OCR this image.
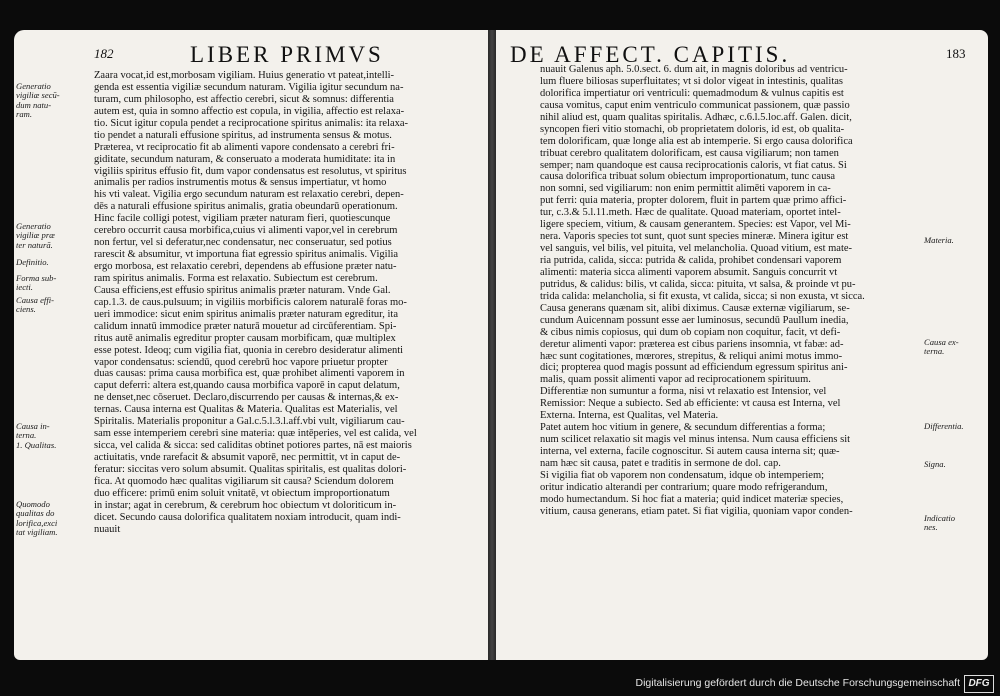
182	LIBER PRIMVS
Zaara vocat,id est,morbosam vigiliam. Huius generatio vt pateat,intelli-
genda est essentia vigiliæ secundum naturam. Vigilia igitur secundum na-
turam, cum philosopho, est affectio cerebri, sicut & somnus: differentia
autem est, quia in somno affectio est copula, in vigilia, affectio est relaxa-
tio. Sicut igitur copula pendet a reciprocatione spiritus animalis: ita relaxa-
tio pendet a naturali effusione spiritus, ad instrumenta sensus & motus.
Præterea, vt reciprocatio fit ab alimenti vapore condensato a cerebri fri-
giditate, secundum naturam, & conseruato a moderata humiditate: ita in
vigiliis spiritus effusio fit, dum vapor condensatus est resolutus, vt spiritus
animalis per radios instrumentis motus & sensus impertiatur, vt homo
his vti valeat. Vigilia ergo secundum naturam est relaxatio cerebri, depen-
dēs a naturali effusione spiritus animalis, gratia obeundarū operationum.
Hinc facile colligi potest, vigiliam præter naturam fieri, quotiescunque
cerebro occurrit causa morbifica,cuius vi alimenti vapor,vel in cerebrum
non fertur, vel si deferatur,nec condensatur, nec conseruatur, sed potius
rarescit & absumitur, vt importuna fiat egressio spiritus animalis. Vigilia
ergo morbosa, est relaxatio cerebri, dependens ab effusione præter natu-
ram spiritus animalis. Forma est relaxatio. Subiectum est cerebrum.
Causa efficiens,est effusio spiritus animalis præter naturam. Vnde Gal.
cap.1.3. de caus.pulsuum; in vigiliis morbificis calorem naturalē foras mo-
ueri immodice: sicut enim spiritus animalis præter naturam egreditur, ita
calidum innatū immodice præter naturā mouetur ad circūferentiam. Spi-
ritus autē animalis egreditur propter causam morbificam, quæ multiplex
esse potest. Ideoq; cum vigilia fiat, quonia in cerebro desideratur alimenti
vapor condensatus: sciendū, quod cerebrū hoc vapore priuetur propter
duas causas: prima causa morbifica est, quæ prohibet alimenti vaporem in
caput deferri: altera est,quando causa morbifica vaporē in caput delatum,
ne denset,nec cōseruet. Declaro,discurrendo per causas & internas,& ex-
ternas. Causa interna est Qualitas & Materia. Qualitas est Materialis, vel
Spiritalis. Materialis proponitur a Gal.c.5.l.3.l.aff.vbi vult, vigiliarum cau-
sam esse intemperiem cerebri sine materia: quæ intēperies, vel est calida, vel
sicca, vel calida & sicca: sed caliditas obtinet potiores partes, nā est maioris
actiuitatis, vnde rarefacit & absumit vaporē, nec permittit, vt in caput de-
feratur: siccitas vero solum absumit. Qualitas spiritalis, est qualitas dolori-
fica. At quomodo hæc qualitas vigiliarum sit causa? Sciendum dolorem
duo efficere: primū enim soluit vnitatē, vt obiectum improportionatum
in instar; agat in cerebrum, & cerebrum hoc obiectum vt doloriticum in-
dicet. Secundo causa dolorifica qualitatem noxiam introducit, quam indi-
nuauit
Generatio
vigiliæ secū-
dum natu-
ram.
Generatio
vigiliæ præ
ter naturā.
Definitio.
Forma sub-
iecti.
Causa effi-
ciens.
Causa in-
terna.
1. Qualitas.
Quomodo
qualitas do
lorifica,exci
tat vigiliam.
DE AFFECT. CAPITIS.	183
nuauit Galenus aph. 5.0.sect. 6. dum ait, in magnis doloribus ad ventricu-
lum fluere biliosas superfluitates; vt si dolor vigeat in intestinis, qualitas
dolorifica impertiatur ori ventriculi: quemadmodum & vulnus capitis est
causa vomitus, caput enim ventriculo communicat passionem, quæ passio
nihil aliud est, quam qualitas spiritalis. Adhæc, c.6.l.5.loc.aff. Galen. dicit,
syncopen fieri vitio stomachi, ob proprietatem doloris, id est, ob qualita-
tem dolorificam, quæ longe alia est ab intemperie. Si ergo causa dolorifica
tribuat cerebro qualitatem dolorificam, est causa vigiliarum; non tamen
semper; nam quandoque est causa reciprocationis caloris, vt fiat catus. Si
causa dolorifica tribuat solum obiectum improportionatum, tunc causa
non somni, sed vigiliarum: non enim permittit alimēti vaporem in ca-
put ferri: quia materia, propter dolorem, fluit in partem quæ primo affici-
tur, c.3.& 5.l.11.meth. Hæc de qualitate. Quoad materiam, oportet intel-
ligere speciem, vitium, & causam generantem. Species: est Vapor, vel Mi-
nera. Vaporis species tot sunt, quot sunt species mineræ. Minera igitur est
vel sanguis, vel bilis, vel pituita, vel melancholia. Quoad vitium, est mate-
ria putrida, calida, sicca: putrida & calida, prohibet condensari vaporem
alimenti: materia sicca alimenti vaporem absumit. Sanguis concurrit vt
putridus, & calidus: bilis, vt calida, sicca: pituita, vt salsa, & proinde vt pu-
trida calida: melancholia, si fit exusta, vt calida, sicca; si non exusta, vt sicca.
Causa generans quænam sit, alibi diximus. Causæ externæ vigiliarum, se-
cundum Auicennam possunt esse aer luminosus, secundū Paullum inedia,
& cibus nimis copiosus, qui dum ob copiam non coquitur, facit, vt defi-
deretur alimenti vapor: præterea est cibus pariens insomnia, vt fabæ: ad-
hæc sunt cogitationes, mœrores, strepitus, & reliqui animi motus immo-
dici; propterea quod magis possunt ad efficiendum egressum spiritus ani-
malis, quam possit alimenti vapor ad reciprocationem spirituum.
Differentiæ non sumuntur a forma, nisi vt relaxatio est Intensior, vel
Remissior: Neque a subiecto. Sed ab efficiente: vt causa est Interna, vel
Externa. Interna, est Qualitas, vel Materia.
Patet autem hoc vitium in genere, & secundum differentias a forma;
num scilicet relaxatio sit magis vel minus intensa. Num causa efficiens sit
interna, vel externa, facile cognoscitur. Si autem causa interna sit; quæ-
nam hæc sit causa, patet e traditis in sermone de dol. cap.
Si vigilia fiat ob vaporem non condensatum, idque ob intemperiem;
oritur indicatio alterandi per contrarium; quare modo refrigerandum,
modo humectandum. Si hoc fiat a materia; quid indicet materiæ species,
vitium, causa generans, etiam patet. Si fiat vigilia, quoniam vapor conden-
Materia.
Causa ex-
terna.
Differentia.
Signa.
Indicatio
nes.
Digitalisierung gefördert durch die Deutsche Forschungsgemeinschaft DFG
